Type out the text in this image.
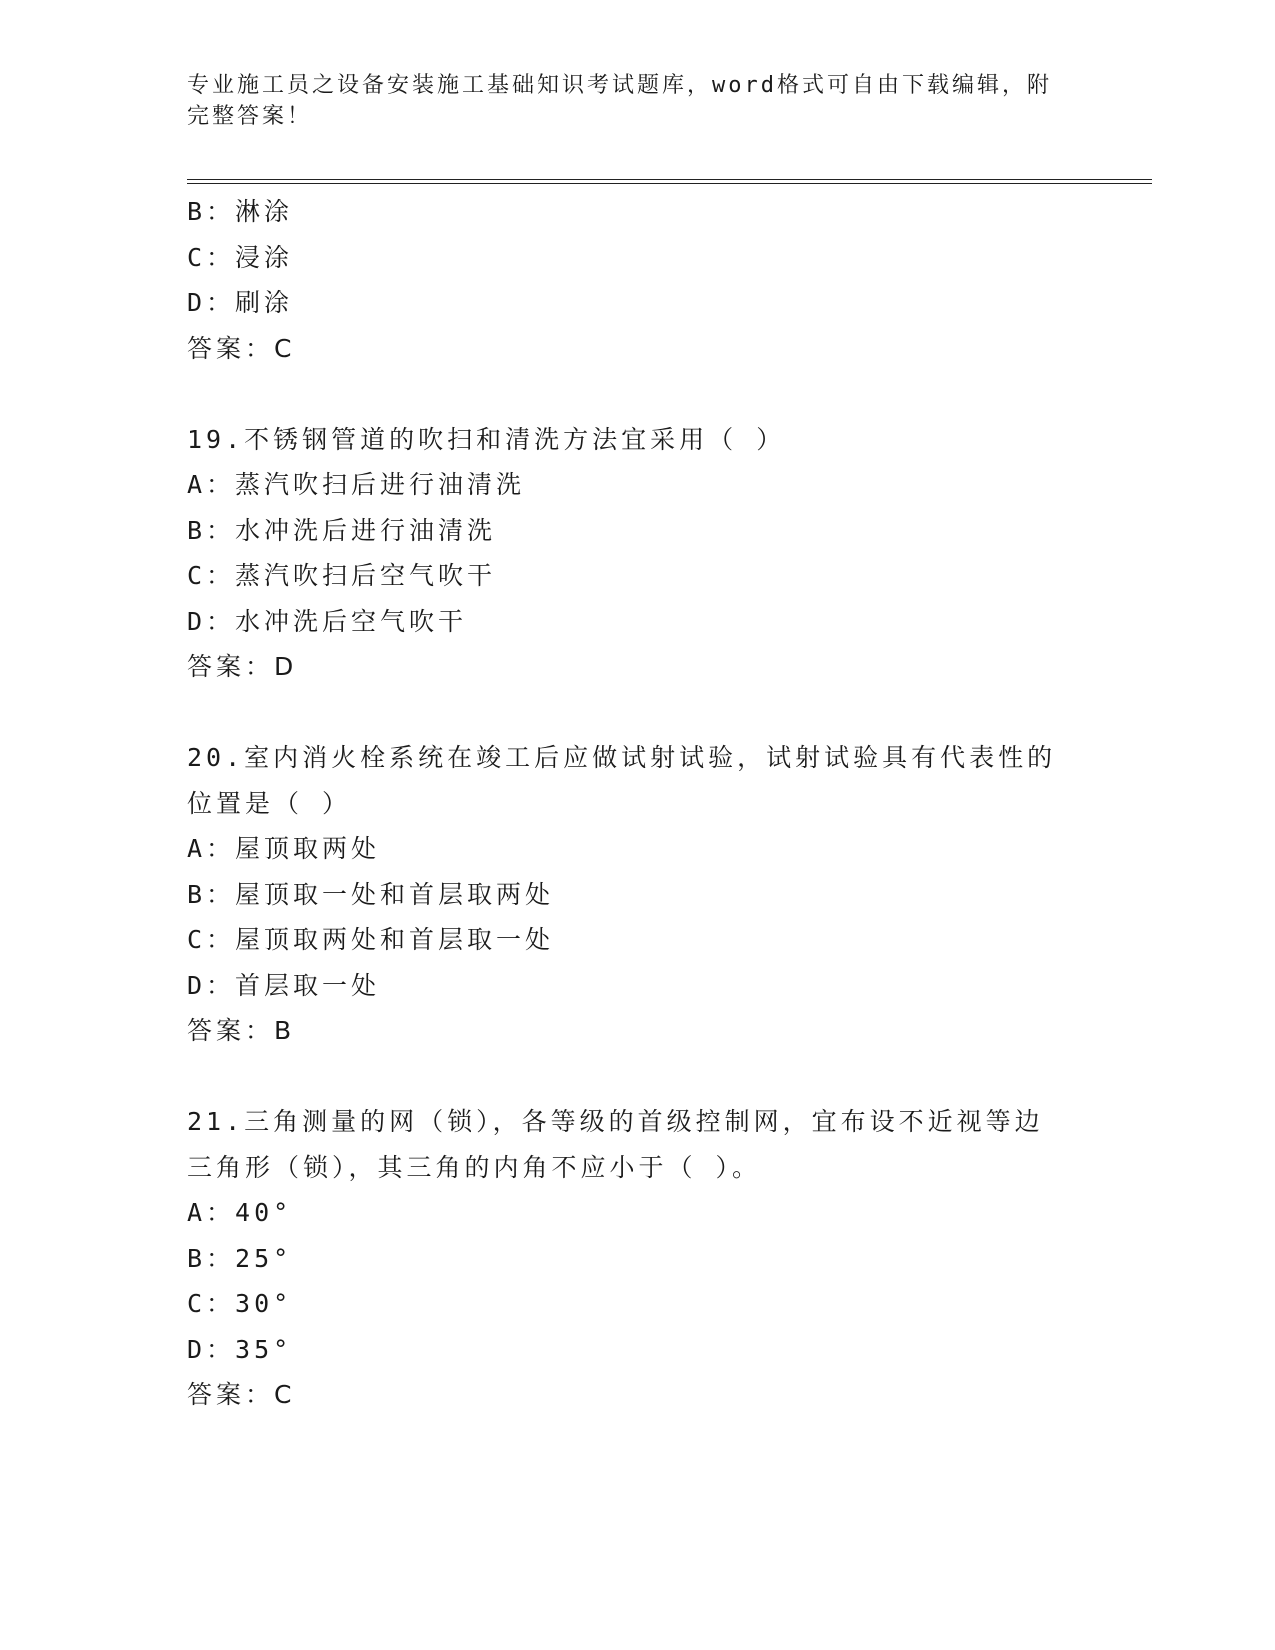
专业施工员之设备安装施工基础知识考试题库，word格式可自由下载编辑，附完整答案！
B：淋涂
C：浸涂
D：刷涂
答案：C
19.不锈钢管道的吹扫和清洗方法宜采用（ ）
A：蒸汽吹扫后进行油清洗
B：水冲洗后进行油清洗
C：蒸汽吹扫后空气吹干
D：水冲洗后空气吹干
答案：D
20.室内消火栓系统在竣工后应做试射试验，试射试验具有代表性的位置是（ ）
A：屋顶取两处
B：屋顶取一处和首层取两处
C：屋顶取两处和首层取一处
D：首层取一处
答案：B
21.三角测量的网（锁），各等级的首级控制网，宜布设不近视等边三角形（锁），其三角的内角不应小于（ ）。
A：40°
B：25°
C：30°
D：35°
答案：C
